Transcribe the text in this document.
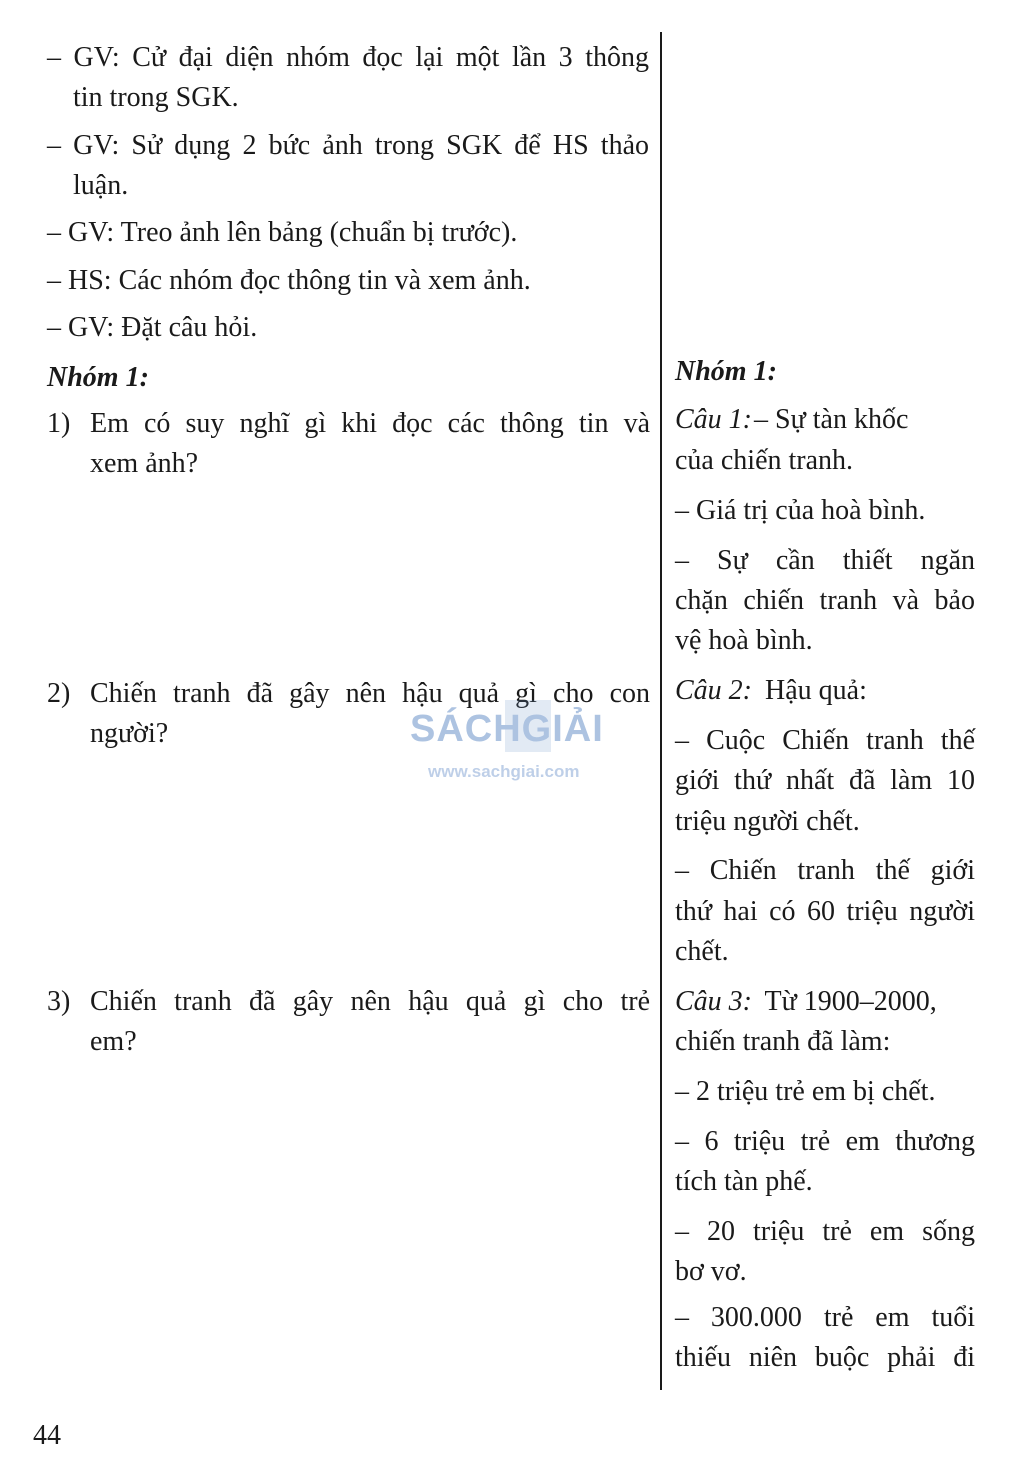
– GV: Cử đại diện nhóm đọc lại một lần 3 thông
tin trong SGK.
– GV: Sử dụng 2 bức ảnh trong SGK để HS thảo
luận.
– GV: Treo ảnh lên bảng (chuẩn bị trước).
– HS: Các nhóm đọc thông tin và xem ảnh.
– GV: Đặt câu hỏi.
Nhóm 1:
1) Em có suy nghĩ gì khi đọc các thông tin và
xem ảnh?
2) Chiến tranh đã gây nên hậu quả gì cho con
người?
3) Chiến tranh đã gây nên hậu quả gì cho trẻ
em?
Nhóm 1:
Câu 1:– Sự tàn khốc
của chiến tranh.
– Giá trị của hoà bình.
– Sự cần thiết ngăn
chặn chiến tranh và bảo
vệ hoà bình.
Câu 2: Hậu quả:
– Cuộc Chiến tranh thế
giới thứ nhất đã làm 10
triệu người chết.
– Chiến tranh thế giới
thứ hai có 60 triệu người
chết.
Câu 3: Từ 1900–2000,
chiến tranh đã làm:
– 2 triệu trẻ em bị chết.
– 6 triệu trẻ em thương
tích tàn phế.
– 20 triệu trẻ em sống
bơ vơ.
– 300.000 trẻ em tuổi
thiếu niên buộc phải đi
SÁCHGIẢI
www.sachgiai.com
44
